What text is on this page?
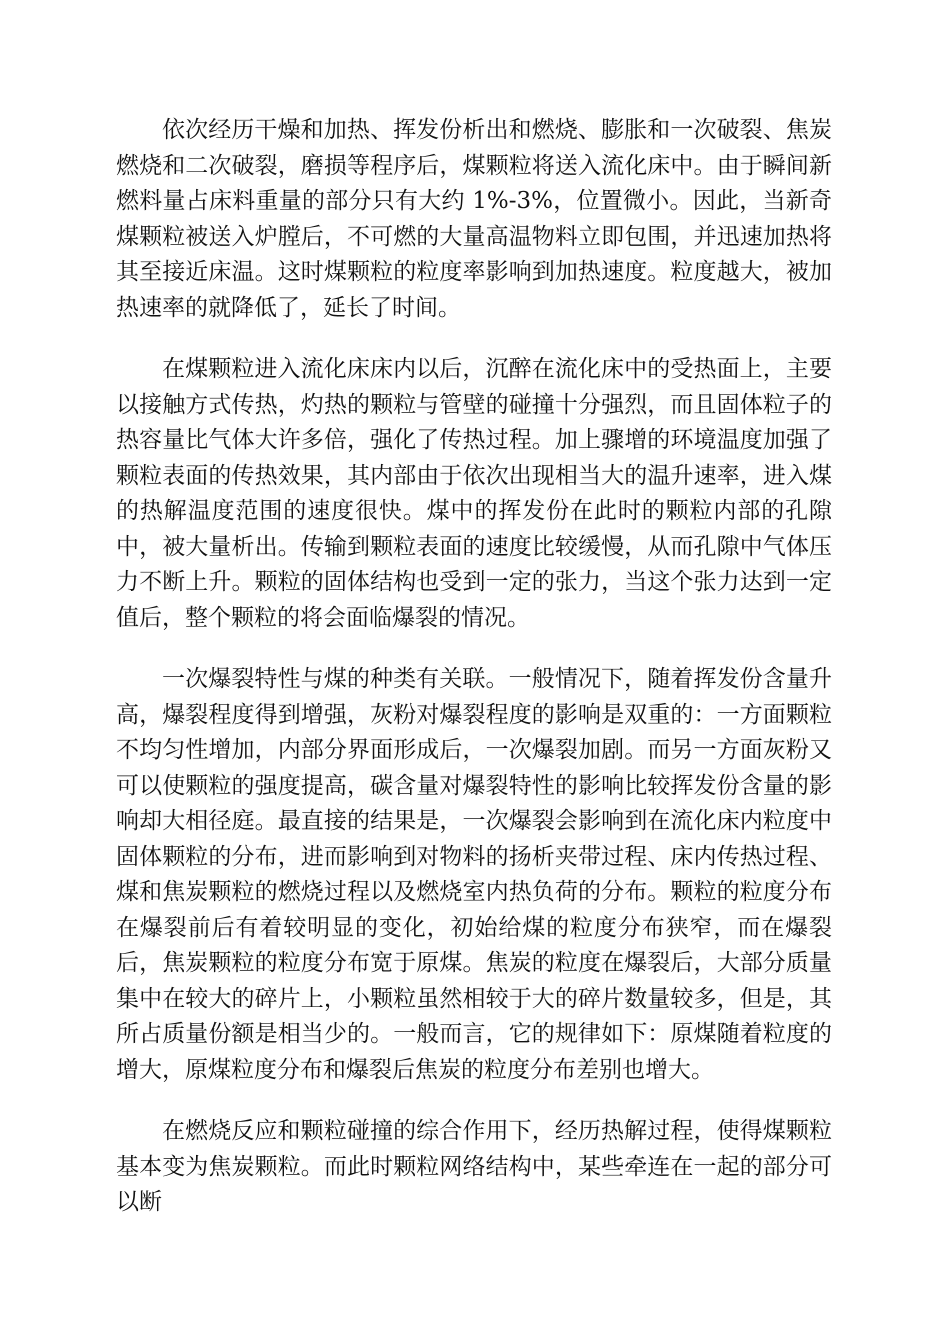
依次经历干燥和加热、挥发份析出和燃烧、膨胀和一次破裂、焦炭燃烧和二次破裂，磨损等程序后，煤颗粒将送入流化床中。由于瞬间新燃料量占床料重量的部分只有大约 1%-3%，位置微小。因此，当新奇煤颗粒被送入炉膛后，不可燃的大量高温物料立即包围，并迅速加热将其至接近床温。这时煤颗粒的粒度率影响到加热速度。粒度越大，被加热速率的就降低了，延长了时间。

在煤颗粒进入流化床床内以后，沉醉在流化床中的受热面上，主要以接触方式传热，灼热的颗粒与管壁的碰撞十分强烈，而且固体粒子的热容量比气体大许多倍，强化了传热过程。加上骤增的环境温度加强了颗粒表面的传热效果，其内部由于依次出现相当大的温升速率，进入煤的热解温度范围的速度很快。煤中的挥发份在此时的颗粒内部的孔隙中，被大量析出。传输到颗粒表面的速度比较缓慢，从而孔隙中气体压力不断上升。颗粒的固体结构也受到一定的张力，当这个张力达到一定值后，整个颗粒的将会面临爆裂的情况。

一次爆裂特性与煤的种类有关联。一般情况下，随着挥发份含量升高，爆裂程度得到增强，灰粉对爆裂程度的影响是双重的：一方面颗粒不均匀性增加，内部分界面形成后，一次爆裂加剧。而另一方面灰粉又可以使颗粒的强度提高，碳含量对爆裂特性的影响比较挥发份含量的影响却大相径庭。最直接的结果是，一次爆裂会影响到在流化床内粒度中固体颗粒的分布，进而影响到对物料的扬析夹带过程、床内传热过程、煤和焦炭颗粒的燃烧过程以及燃烧室内热负荷的分布。颗粒的粒度分布在爆裂前后有着较明显的变化，初始给煤的粒度分布狭窄，而在爆裂后，焦炭颗粒的粒度分布宽于原煤。焦炭的粒度在爆裂后，大部分质量集中在较大的碎片上，小颗粒虽然相较于大的碎片数量较多，但是，其所占质量份额是相当少的。一般而言，它的规律如下：原煤随着粒度的增大，原煤粒度分布和爆裂后焦炭的粒度分布差别也增大。

在燃烧反应和颗粒碰撞的综合作用下，经历热解过程，使得煤颗粒基本变为焦炭颗粒。而此时颗粒网络结构中，某些牵连在一起的部分可以断
